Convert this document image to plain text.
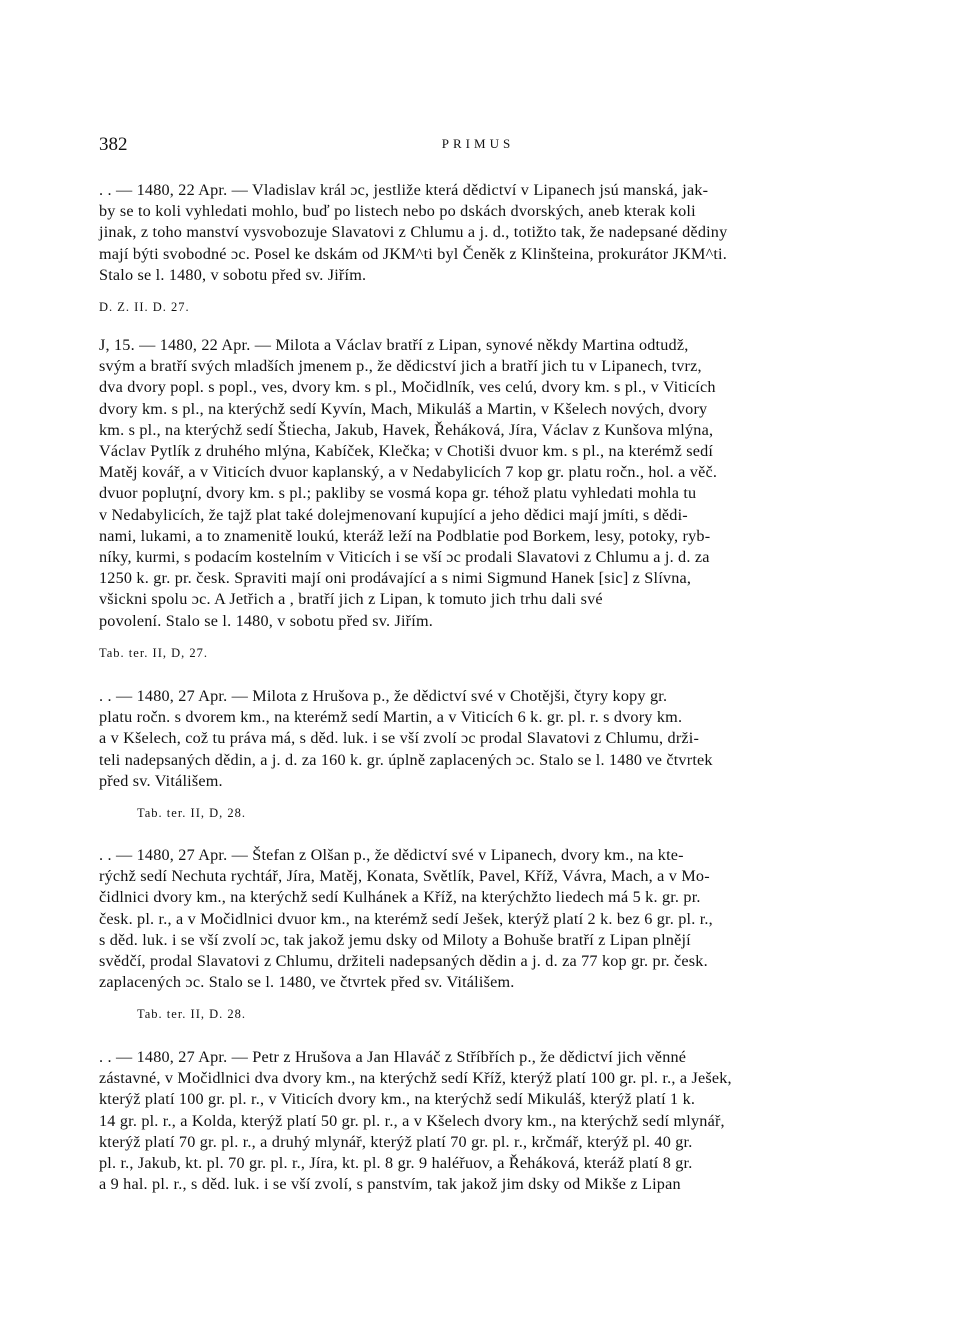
382	PRIMUS

. . — 1480, 22 Apr. — Vladislav král ɔc, jestliže která dědictví v Lipanech jsú manská, jak-
by se to koli vyhledati mohlo, buď po listech nebo po dskách dvorských, aneb kterak koli
jinak, z toho manství vysvobozuje Slavatovi z Chlumu a j. d., totižto tak, že nadepsané dědiny
mají býti svobodné ɔc. Posel ke dskám od JKM^ti byl Čeněk z Klinšteina, prokurátor JKM^ti.
Stalo se l. 1480, v sobotu před sv. Jiřím.

D. Z. II. D. 27.

J, 15. — 1480, 22 Apr. — Milota a Václav bratří z Lipan, synové někdy Martina odtudž,
svým a bratří svých mladších jmenem p., že dědicství jich a bratří jich tu v Lipanech, tvrz,
dva dvory popl. s popl., ves, dvory km. s pl., Močidlník, ves celú, dvory km. s pl., v Viticích
dvory km. s pl., na kterýchž sedí Kyvín, Mach, Mikuláš a Martin, v Kšelech nových, dvory
km. s pl., na kterýchž sedí Štiecha, Jakub, Havek, Řeháková, Jíra, Václav z Kunšova mlýna,
Václav Pytlík z druhého mlýna, Kabíček, Klečka; v Chotiši dvuor km. s pl., na kterémž sedí
Matěj kovář, a v Viticích dvuor kaplanský, a v Nedabylicích 7 kop gr. platu ročn., hol. a věč.
dvuor popluţní, dvory km. s pl.; pakliby se vosmá kopa gr. téhož platu vyhledati mohla tu
v Nedabylicích, že tajž plat také dolejmenovaní kupující a jeho dědici mají jmíti, s dědi-
nami, lukami, a to znamenitě loukú, kteráž leží na Podblatie pod Borkem, lesy, potoky, ryb-
níky, kurmi, s podacím kostelním v Viticích i se vší ɔc prodali Slavatovi z Chlumu a j. d. za
1250 k. gr. pr. česk. Spraviti mají oni prodávající a s nimi Sigmund Hanek [sic] z Slívna,
všickni spolu ɔc. A Jetřich a , bratří jich z Lipan, k tomuto jich trhu dali své
povolení. Stalo se l. 1480, v sobotu před sv. Jiřím.

Tab. ter. II, D, 27.

. . — 1480, 27 Apr. — Milota z Hrušova p., že dědictví své v Chotějši, čtyry kopy gr.
platu ročn. s dvorem km., na kterémž sedí Martin, a v Viticích 6 k. gr. pl. r. s dvory km.
a v Kšelech, což tu práva má, s děd. luk. i se vší zvolí ɔc prodal Slavatovi z Chlumu, drži-
teli nadepsaných dědin, a j. d. za 160 k. gr. úplně zaplacených ɔc. Stalo se l. 1480 ve čtvrtek
před sv. Vitálišem.

Tab. ter. II, D, 28.

. . — 1480, 27 Apr. — Štefan z Olšan p., že dědictví své v Lipanech, dvory km., na kte-
rýchž sedí Nechuta rychtář, Jíra, Matěj, Konata, Světlík, Pavel, Kříž, Vávra, Mach, a v Mo-
čidlnici dvory km., na kterýchž sedí Kulhánek a Kříž, na kterýchžto liedech má 5 k. gr. pr.
česk. pl. r., a v Močidlnici dvuor km., na kterémž sedí Ješek, kterýž platí 2 k. bez 6 gr. pl. r.,
s děd. luk. i se vší zvolí ɔc, tak jakož jemu dsky od Miloty a Bohuše bratří z Lipan plnějí
svědčí, prodal Slavatovi z Chlumu, držiteli nadepsaných dědin a j. d. za 77 kop gr. pr. česk.
zaplacených ɔc. Stalo se l. 1480, ve čtvrtek před sv. Vitálišem.

Tab. ter. II, D. 28.

. . — 1480, 27 Apr. — Petr z Hrušova a Jan Hlaváč z Stříbřích p., že dědictví jich věnné
zástavné, v Močidlnici dva dvory km., na kterýchž sedí Kříž, kterýž platí 100 gr. pl. r., a Ješek,
kterýž platí 100 gr. pl. r., v Viticích dvory km., na kterýchž sedí Mikuláš, kterýž platí 1 k.
14 gr. pl. r., a Kolda, kterýž platí 50 gr. pl. r., a v Kšelech dvory km., na kterýchž sedí mlynář,
kterýž platí 70 gr. pl. r., a druhý mlynář, kterýž platí 70 gr. pl. r., krčmář, kterýž pl. 40 gr.
pl. r., Jakub, kt. pl. 70 gr. pl. r., Jíra, kt. pl. 8 gr. 9 haléřuov, a Řeháková, kteráž platí 8 gr.
a 9 hal. pl. r., s děd. luk. i se vší zvolí, s panstvím, tak jakož jim dsky od Mikše z Lipan
